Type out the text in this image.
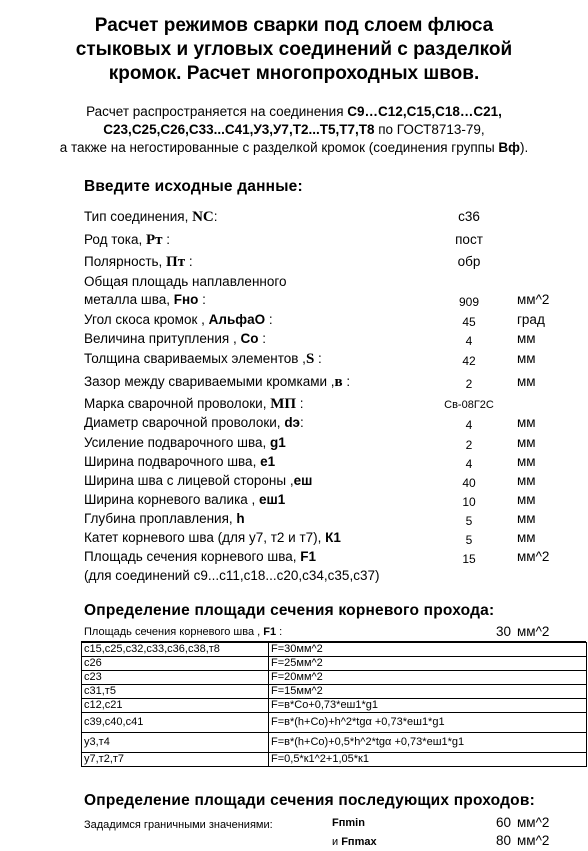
Расчет режимов сварки под слоем флюса
стыковых и угловых соединений с разделкой
кромок. Расчет многопроходных швов.
Расчет распространяется на соединения С9…С12,С15,С18…С21,
С23,С25,С26,С33...С41,У3,У7,Т2...Т5,Т7,Т8 по ГОСТ8713-79,
а также на негостированные с разделкой кромок (соединения группы Вф).
Введите исходные данные:
Тип соединения, NC:	с36
Род тока, Рт :	пост
Полярность, Пт :	обр
Общая площадь наплавленного
металла шва, Fно :	909	мм^2
Угол скоса кромок , АльфаО :	45	град
Величина притупления , Со :	4	мм
Толщина свариваемых элементов ,S :	42	мм
Зазор между свариваемыми кромками ,в :	2	мм
Марка сварочной проволоки, МП :	Св-08Г2С
Диаметр сварочной проволоки, dэ:	4	мм
Усиление подварочного шва, g1	2	мм
Ширина подварочного шва, е1	4	мм
Ширина шва с лицевой стороны ,еш	40	мм
Ширина корневого валика , еш1	10	мм
Глубина проплавления, h	5	мм
Катет корневого шва (для у7, т2 и т7), К1	5	мм
Площадь сечения корневого шва, F1	15	мм^2
(для соединений с9...с11,с18...с20,с34,с35,с37)
Определение площади сечения корневого прохода:
Площадь сечения корневого шва , F1 :	30 мм^2
с15,с25,с32,с33,с36,с38,т8	F=30мм^2
с26	F=25мм^2
с23	F=20мм^2
с31,т5	F=15мм^2
с12,с21	F=в*Со+0,73*еш1*g1
с39,с40,с41	F=в*(h+Со)+h^2*tgα +0,73*еш1*g1
у3,т4	F=в*(h+Со)+0,5*h^2*tgα +0,73*еш1*g1
у7,т2,т7	F=0,5*к1^2+1,05*к1
Определение площади сечения последующих проходов:
Зададимся граничными значениями:	Fпmin	60 мм^2
и Fпmax	80 мм^2
